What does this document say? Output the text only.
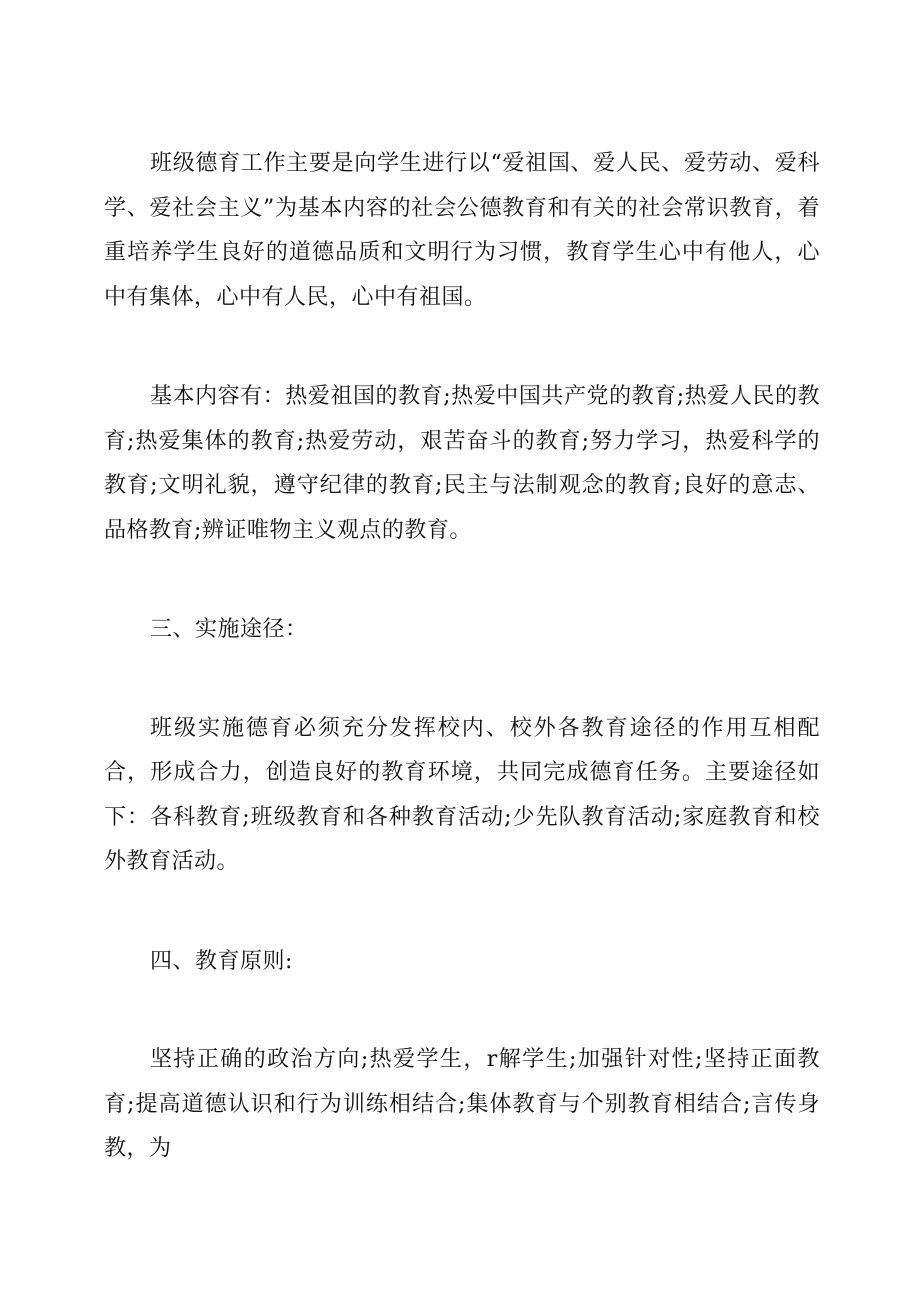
班级德育工作主要是向学生进行以“爱祖国、爱人民、爱劳动、爱科学、爱社会主义”为基本内容的社会公德教育和有关的社会常识教育，着重培养学生良好的道德品质和文明行为习惯，教育学生心中有他人，心中有集体，心中有人民，心中有祖国。

基本内容有：热爱祖国的教育;热爱中国共产党的教育;热爱人民的教育;热爱集体的教育;热爱劳动，艰苦奋斗的教育;努力学习，热爱科学的教育;文明礼貌，遵守纪律的教育;民主与法制观念的教育;良好的意志、品格教育;辨证唯物主义观点的教育。

三、实施途径：

班级实施德育必须充分发挥校内、校外各教育途径的作用互相配合，形成合力，创造良好的教育环境，共同完成德育任务。主要途径如下：各科教育;班级教育和各种教育活动;少先队教育活动;家庭教育和校外教育活动。

四、教育原则:

坚持正确的政治方向;热爱学生，r解学生;加强针对性;坚持正面教育;提高道德认识和行为训练相结合;集体教育与个别教育相结合;言传身教，为
